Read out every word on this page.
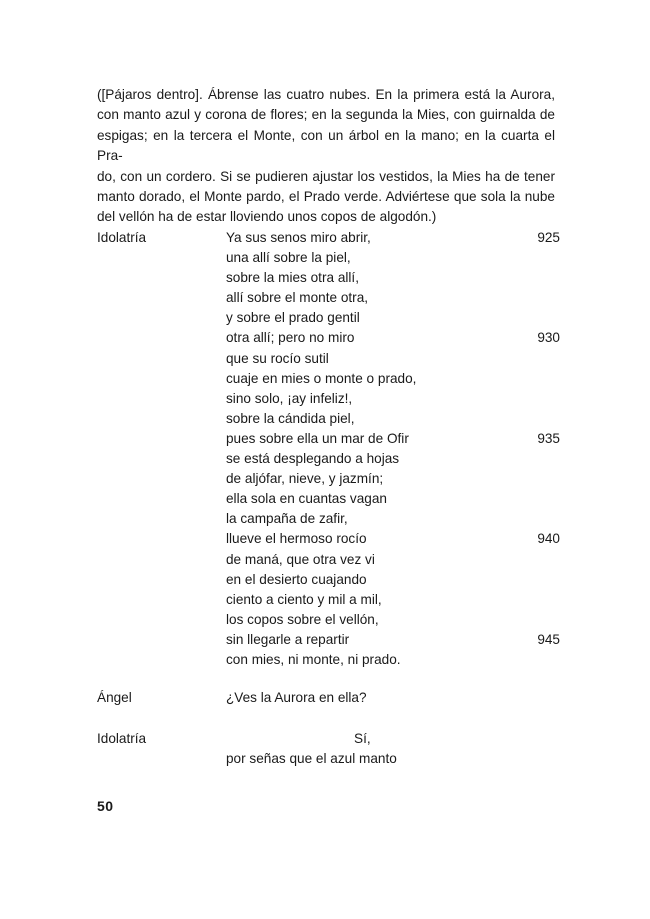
([Pájaros dentro]. Ábrense las cuatro nubes. En la primera está la Aurora,
con manto azul y corona de flores; en la segunda la Mies, con guirnalda de
espigas; en la tercera el Monte, con un árbol en la mano; en la cuarta el Pra-
do, con un cordero. Si se pudieren ajustar los vestidos, la Mies ha de tener
manto dorado, el Monte pardo, el Prado verde. Adviértese que sola la nube
del vellón ha de estar lloviendo unos copos de algodón.)
Idolatría	Ya sus senos miro abrir,	925
una allí sobre la piel,
sobre la mies otra allí,
allí sobre el monte otra,
y sobre el prado gentil
otra allí; pero no miro	930
que su rocío sutil
cuaje en mies o monte o prado,
sino solo, ¡ay infeliz!,
sobre la cándida piel,
pues sobre ella un mar de Ofir	935
se está desplegando a hojas
de aljófar, nieve, y jazmín;
ella sola en cuantas vagan
la campaña de zafir,
llueve el hermoso rocío	940
de maná, que otra vez vi
en el desierto cuajando
ciento a ciento y mil a mil,
los copos sobre el vellón,
sin llegarle a repartir	945
con mies, ni monte, ni prado.
Ángel	¿Ves la Aurora en ella?
Idolatría	Sí,
por señas que el azul manto
50
